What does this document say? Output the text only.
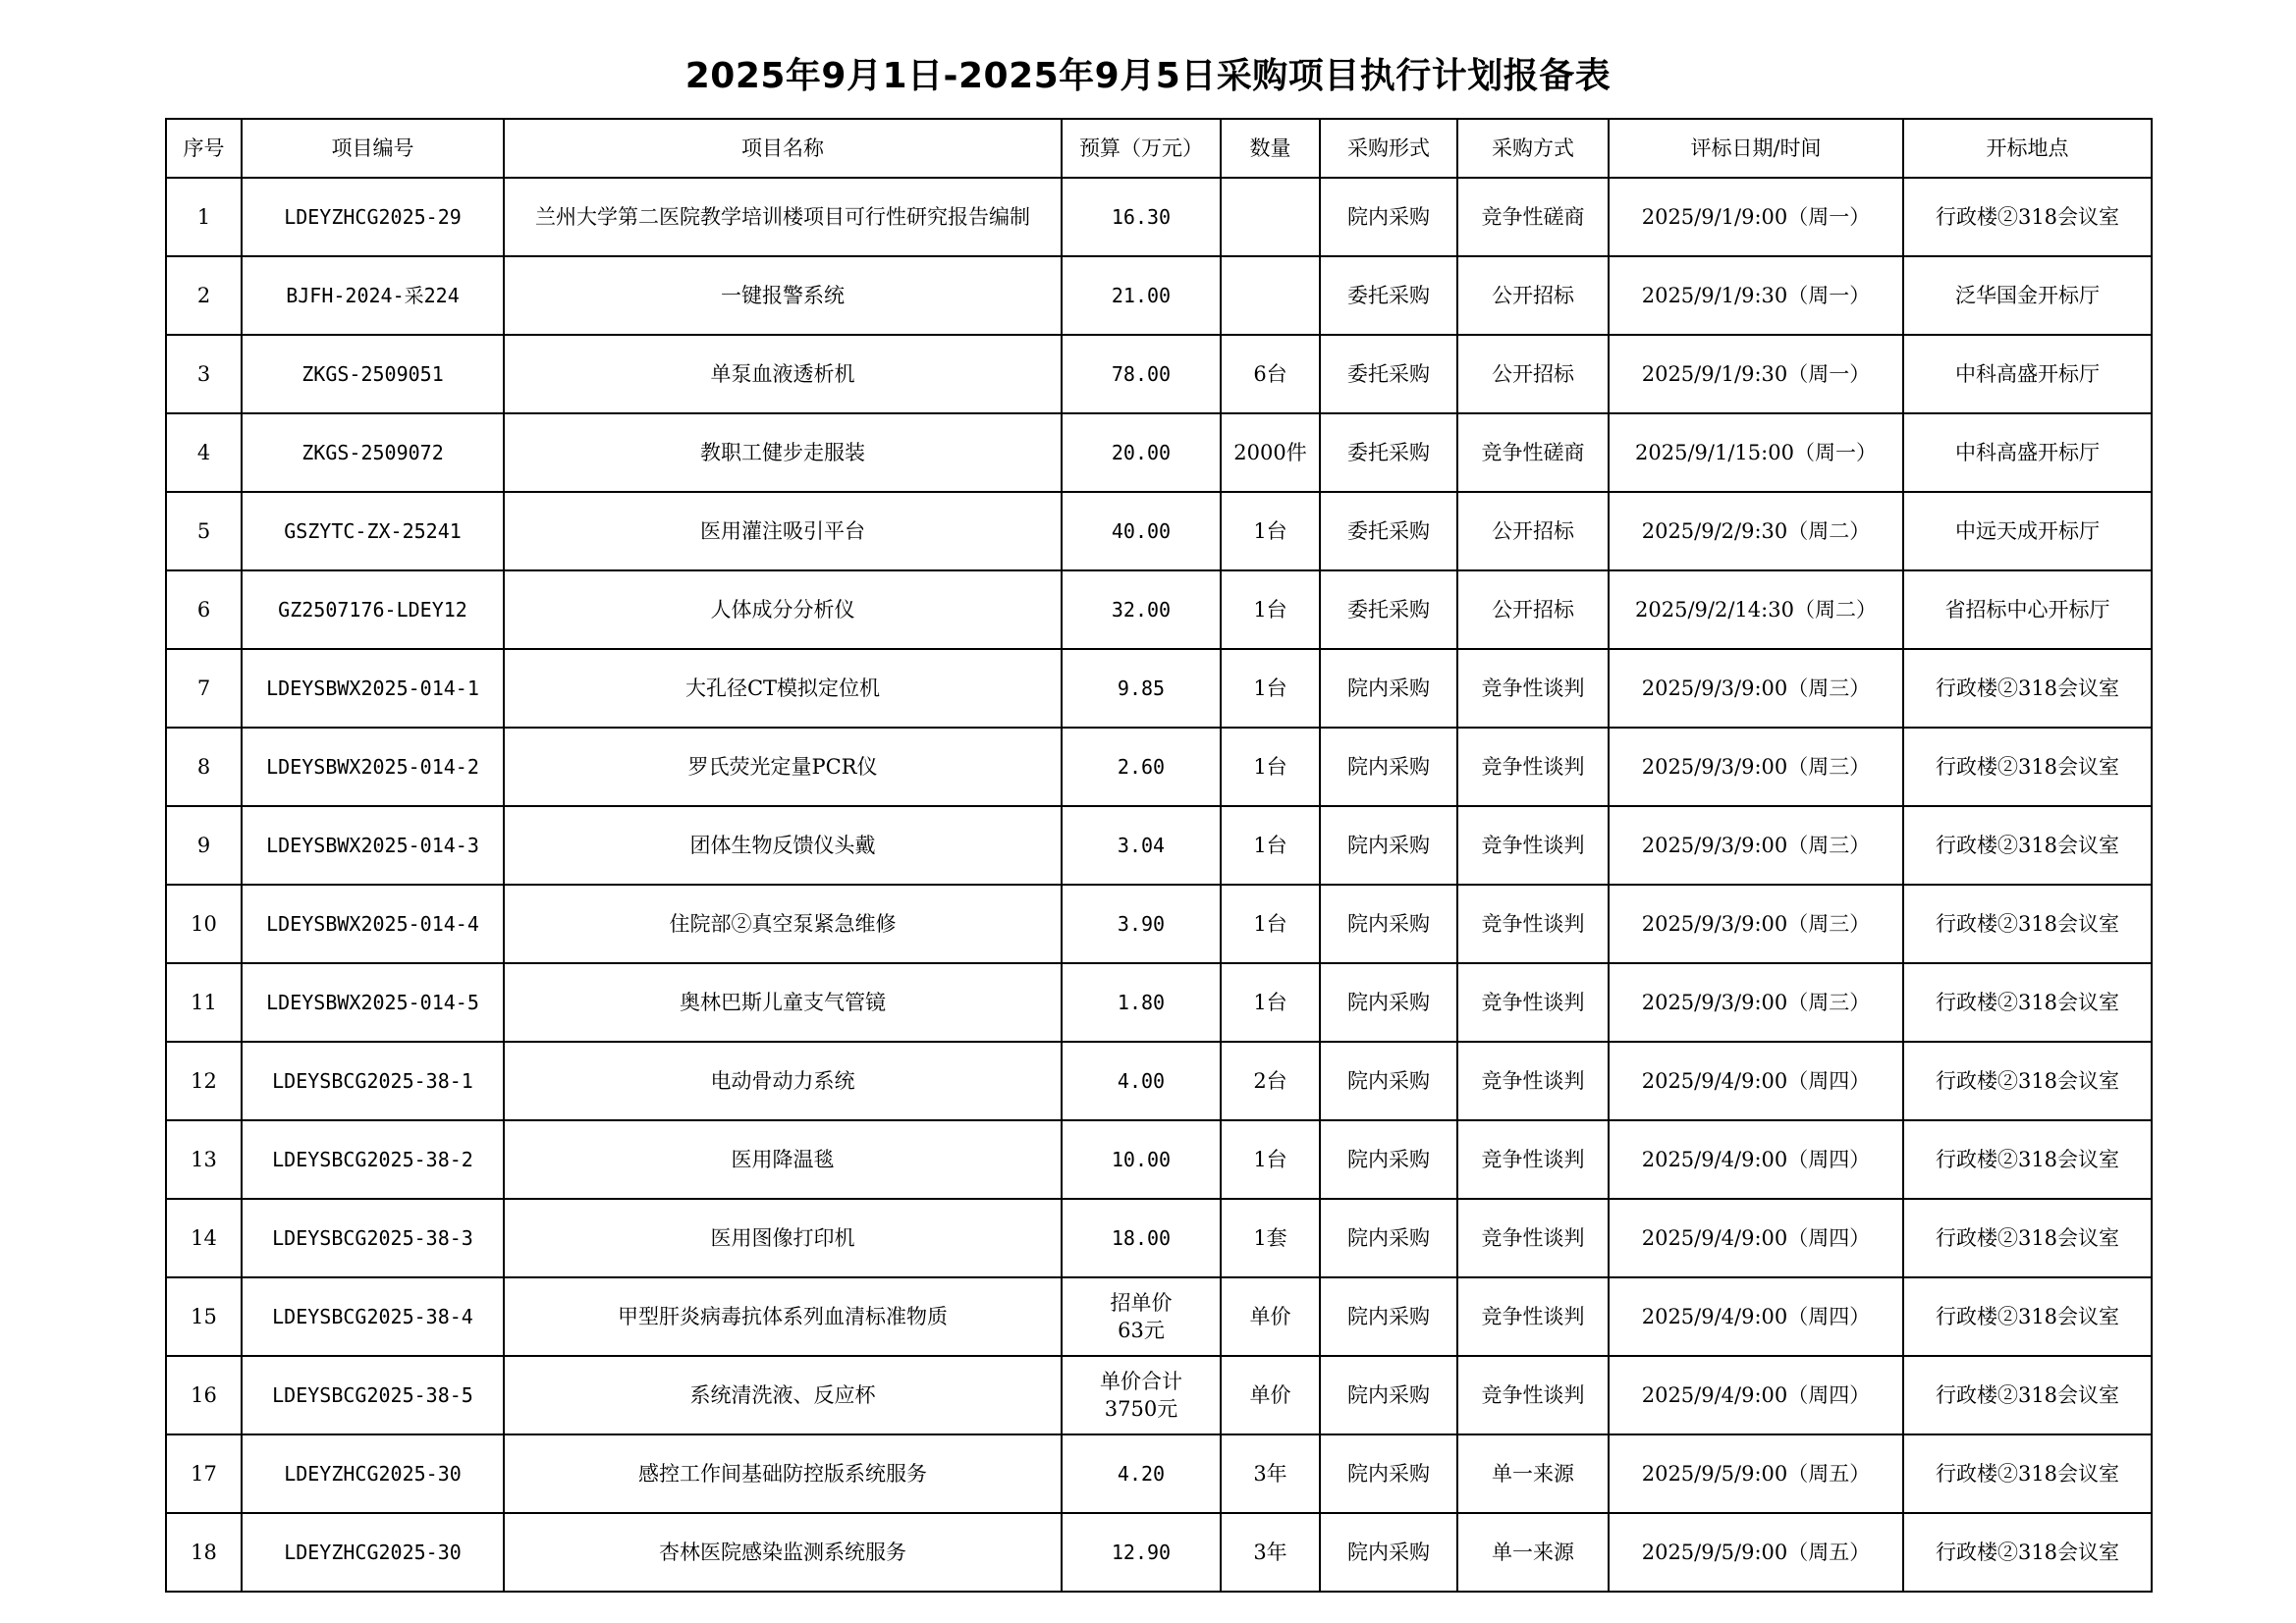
2025年9月1日-2025年9月5日采购项目执行计划报备表
序号	项目编号	项目名称	预算（万元）	数量	采购形式	采购方式	评标日期/时间	开标地点
1	LDEYZHCG2025-29	兰州大学第二医院教学培训楼项目可行性研究报告编制	16.30		院内采购	竞争性磋商	2025/9/1/9:00（周一）	行政楼②318会议室
2	BJFH-2024-采224	一键报警系统	21.00		委托采购	公开招标	2025/9/1/9:30（周一）	泛华国金开标厅
3	ZKGS-2509051	单泵血液透析机	78.00	6台	委托采购	公开招标	2025/9/1/9:30（周一）	中科高盛开标厅
4	ZKGS-2509072	教职工健步走服装	20.00	2000件	委托采购	竞争性磋商	2025/9/1/15:00（周一）	中科高盛开标厅
5	GSZYTC-ZX-25241	医用灌注吸引平台	40.00	1台	委托采购	公开招标	2025/9/2/9:30（周二）	中远天成开标厅
6	GZ2507176-LDEY12	人体成分分析仪	32.00	1台	委托采购	公开招标	2025/9/2/14:30（周二）	省招标中心开标厅
7	LDEYSBWX2025-014-1	大孔径CT模拟定位机	9.85	1台	院内采购	竞争性谈判	2025/9/3/9:00（周三）	行政楼②318会议室
8	LDEYSBWX2025-014-2	罗氏荧光定量PCR仪	2.60	1台	院内采购	竞争性谈判	2025/9/3/9:00（周三）	行政楼②318会议室
9	LDEYSBWX2025-014-3	团体生物反馈仪头戴	3.04	1台	院内采购	竞争性谈判	2025/9/3/9:00（周三）	行政楼②318会议室
10	LDEYSBWX2025-014-4	住院部②真空泵紧急维修	3.90	1台	院内采购	竞争性谈判	2025/9/3/9:00（周三）	行政楼②318会议室
11	LDEYSBWX2025-014-5	奥林巴斯儿童支气管镜	1.80	1台	院内采购	竞争性谈判	2025/9/3/9:00（周三）	行政楼②318会议室
12	LDEYSBCG2025-38-1	电动骨动力系统	4.00	2台	院内采购	竞争性谈判	2025/9/4/9:00（周四）	行政楼②318会议室
13	LDEYSBCG2025-38-2	医用降温毯	10.00	1台	院内采购	竞争性谈判	2025/9/4/9:00（周四）	行政楼②318会议室
14	LDEYSBCG2025-38-3	医用图像打印机	18.00	1套	院内采购	竞争性谈判	2025/9/4/9:00（周四）	行政楼②318会议室
15	LDEYSBCG2025-38-4	甲型肝炎病毒抗体系列血清标准物质	招单价
63元	单价	院内采购	竞争性谈判	2025/9/4/9:00（周四）	行政楼②318会议室
16	LDEYSBCG2025-38-5	系统清洗液、反应杯	单价合计
3750元	单价	院内采购	竞争性谈判	2025/9/4/9:00（周四）	行政楼②318会议室
17	LDEYZHCG2025-30	感控工作间基础防控版系统服务	4.20	3年	院内采购	单一来源	2025/9/5/9:00（周五）	行政楼②318会议室
18	LDEYZHCG2025-30	杏林医院感染监测系统服务	12.90	3年	院内采购	单一来源	2025/9/5/9:00（周五）	行政楼②318会议室
